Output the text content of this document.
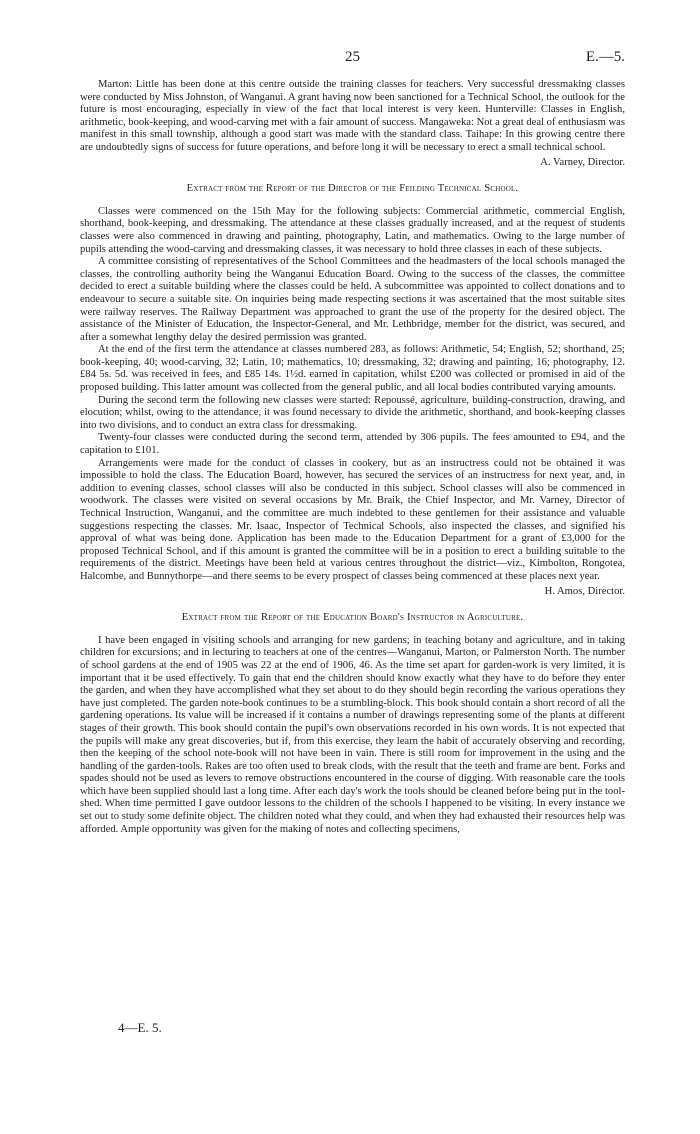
25	E.—5.

Marton: Little has been done at this centre outside the training classes for teachers. Very successful dressmaking classes were conducted by Miss Johnston, of Wanganui. A grant having now been sanctioned for a Technical School, the outlook for the future is most encouraging, especially in view of the fact that local interest is very keen. Hunterville: Classes in English, arithmetic, book-keeping, and wood-carving met with a fair amount of success. Mangaweka: Not a great deal of enthusiasm was manifest in this small township, although a good start was made with the standard class. Taihape: In this growing centre there are undoubtedly signs of success for future operations, and before long it will be necessary to erect a small technical school.

A. Varney, Director.
Extract from the Report of the Director of the Feilding Technical School.

Classes were commenced on the 15th May for the following subjects: Commercial arithmetic, commercial English, shorthand, book-keeping, and dressmaking. The attendance at these classes gradually increased, and at the request of students classes were also commenced in drawing and painting, photography, Latin, and mathematics. Owing to the large number of pupils attending the wood-carving and dressmaking classes, it was necessary to hold three classes in each of these subjects.

A committee consisting of representatives of the School Committees and the headmasters of the local schools managed the classes, the controlling authority being the Wanganui Education Board. Owing to the success of the classes, the committee decided to erect a suitable building where the classes could be held. A subcommittee was appointed to collect donations and to endeavour to secure a suitable site. On inquiries being made respecting sections it was ascertained that the most suitable sites were railway reserves. The Railway Department was approached to grant the use of the property for the desired object. The assistance of the Minister of Education, the Inspector-General, and Mr. Lethbridge, member for the district, was secured, and after a somewhat lengthy delay the desired permission was granted.

At the end of the first term the attendance at classes numbered 283, as follows: Arithmetic, 54; English, 52; shorthand, 25; book-keeping, 40; wood-carving, 32; Latin, 10; mathematics, 10; dressmaking, 32; drawing and painting, 16; photography, 12. £84 5s. 5d. was received in fees, and £85 14s. 1½d. earned in capitation, whilst £200 was collected or promised in aid of the proposed building. This latter amount was collected from the general public, and all local bodies contributed varying amounts.

During the second term the following new classes were started: Repoussé, agriculture, building-construction, drawing, and elocution; whilst, owing to the attendance, it was found necessary to divide the arithmetic, shorthand, and book-keeping classes into two divisions, and to conduct an extra class for dressmaking.

Twenty-four classes were conducted during the second term, attended by 306 pupils. The fees amounted to £94, and the capitation to £101.

Arrangements were made for the conduct of classes in cookery, but as an instructress could not be obtained it was impossible to hold the class. The Education Board, however, has secured the services of an instructress for next year, and, in addition to evening classes, school classes will also be conducted in this subject. School classes will also be commenced in woodwork. The classes were visited on several occasions by Mr. Braik, the Chief Inspector, and Mr. Varney, Director of Technical Instruction, Wanganui, and the committee are much indebted to these gentlemen for their assistance and valuable suggestions respecting the classes. Mr. Isaac, Inspector of Technical Schools, also inspected the classes, and signified his approval of what was being done. Application has been made to the Education Department for a grant of £3,000 for the proposed Technical School, and if this amount is granted the committee will be in a position to erect a building suitable to the requirements of the district. Meetings have been held at various centres throughout the district—viz., Kimbolton, Rongotea, Halcombe, and Bunnythorpe—and there seems to be every prospect of classes being commenced at these places next year.

H. Amos, Director.
Extract from the Report of the Education Board's Instructor in Agriculture.

I have been engaged in visiting schools and arranging for new gardens; in teaching botany and agriculture, and in taking children for excursions; and in lecturing to teachers at one of the centres—Wanganui, Marton, or Palmerston North. The number of school gardens at the end of 1905 was 22 at the end of 1906, 46. As the time set apart for garden-work is very limited, it is important that it be used effectively. To gain that end the children should know exactly what they have to do before they enter the garden, and when they have accomplished what they set about to do they should begin recording the various operations they have just completed. The garden note-book continues to be a stumbling-block. This book should contain a short record of all the gardening operations. Its value will be increased if it contains a number of drawings representing some of the plants at different stages of their growth. This book should contain the pupil's own observations recorded in his own words. It is not expected that the pupils will make any great discoveries, but if, from this exercise, they learn the habit of accurately observing and recording, then the keeping of the school note-book will not have been in vain. There is still room for improvement in the using and the handling of the garden-tools. Rakes are too often used to break clods, with the result that the teeth and frame are bent. Forks and spades should not be used as levers to remove obstructions encountered in the course of digging. With reasonable care the tools which have been supplied should last a long time. After each day's work the tools should be cleaned before being put in the tool-shed. When time permitted I gave outdoor lessons to the children of the schools I happened to be visiting. In every instance we set out to study some definite object. The children noted what they could, and when they had exhausted their resources help was afforded. Ample opportunity was given for the making of notes and collecting specimens,

4—E. 5.
